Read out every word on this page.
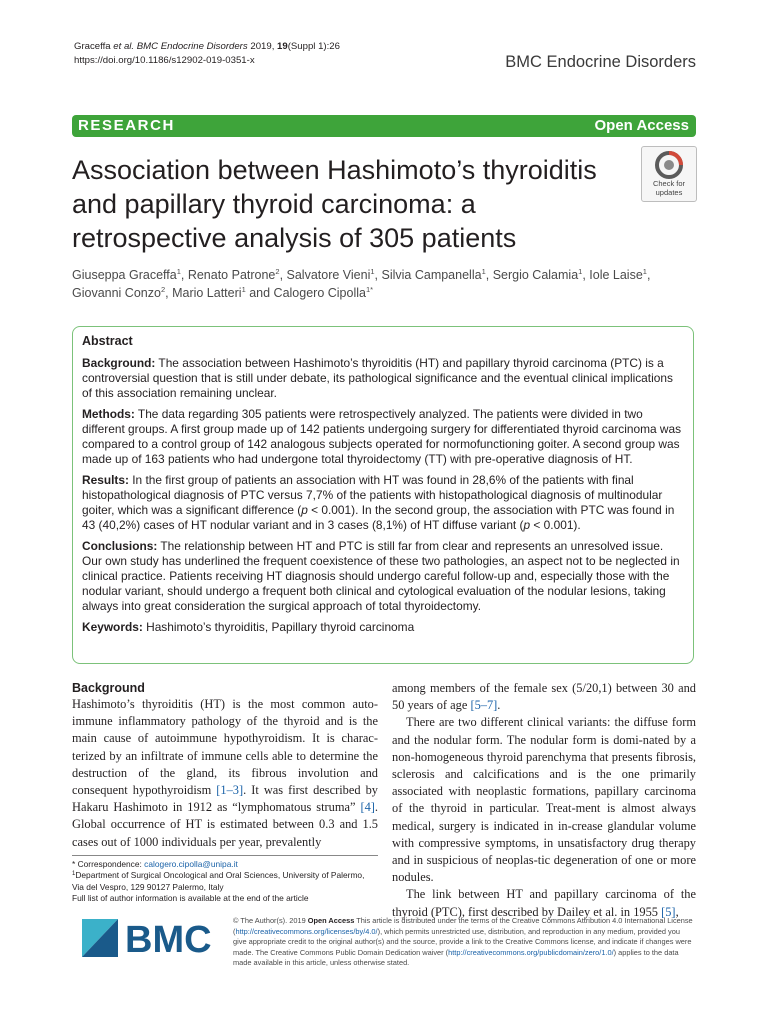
Graceffa et al. BMC Endocrine Disorders 2019, 19(Suppl 1):26
https://doi.org/10.1186/s12902-019-0351-x	BMC Endocrine Disorders
RESEARCH	Open Access
Association between Hashimoto’s thyroiditis and papillary thyroid carcinoma: a retrospective analysis of 305 patients
Check for
updates
Giuseppa Graceffa$^1$, Renato Patrone$^2$, Salvatore Vieni$^1$, Silvia Campanella$^1$, Sergio Calamia$^1$, Iole Laise$^1$,
Giovanni Conzo$^2$, Mario Latteri$^1$ and Calogero Cipolla$^{1*}$
Abstract

Background: The association between Hashimoto’s thyroiditis (HT) and papillary thyroid carcinoma (PTC) is a controversial question that is still under debate, its pathological significance and the eventual clinical implications of this association remaining unclear.

Methods: The data regarding 305 patients were retrospectively analyzed. The patients were divided in two different groups. A first group made up of 142 patients undergoing surgery for differentiated thyroid carcinoma was compared to a control group of 142 analogous subjects operated for normofunctioning goiter. A second group was made up of 163 patients who had undergone total thyroidectomy (TT) with pre-operative diagnosis of HT.

Results: In the first group of patients an association with HT was found in 28,6% of the patients with final histopathological diagnosis of PTC versus 7,7% of the patients with histopathological diagnosis of multinodular goiter, which was a significant difference (p < 0.001). In the second group, the association with PTC was found in 43 (40,2%) cases of HT nodular variant and in 3 cases (8,1%) of HT diffuse variant (p < 0.001).

Conclusions: The relationship between HT and PTC is still far from clear and represents an unresolved issue. Our own study has underlined the frequent coexistence of these two pathologies, an aspect not to be neglected in clinical practice. Patients receiving HT diagnosis should undergo careful follow-up and, especially those with the nodular variant, should undergo a frequent both clinical and cytological evaluation of the nodular lesions, taking always into great consideration the surgical approach of total thyroidectomy.

Keywords: Hashimoto’s thyroiditis, Papillary thyroid carcinoma

Background

Hashimoto’s thyroiditis (HT) is the most common auto-immune inflammatory pathology of the thyroid and is the main cause of autoimmune hypothyroidism. It is charac-terized by an infiltrate of immune cells able to determine the destruction of the gland, its fibrous involution and consequent hypothyroidism [1–3]. It was first described by Hakaru Hashimoto in 1912 as “lymphomatous struma” [4]. Global occurrence of HT is estimated between 0.3 and 1.5 cases out of 1000 individuals per year, prevalently

among members of the female sex (5/20,1) between 30 and 50 years of age [5–7].

There are two different clinical variants: the diffuse form and the nodular form. The nodular form is domi-nated by a non-homogeneous thyroid parenchyma that presents fibrosis, sclerosis and calcifications and is the one primarily associated with neoplastic formations, papillary carcinoma of the thyroid in particular. Treat-ment is almost always medical, surgery is indicated in in-crease glandular volume with compressive symptoms, in unsatisfactory drug therapy and in suspicious of neoplas-tic degeneration of one or more nodules.

The link between HT and papillary carcinoma of the thyroid (PTC), first described by Dailey et al. in 1955 [5],

* Correspondence: calogero.cipolla@unipa.it
$^1$Department of Surgical Oncological and Oral Sciences, University of Palermo, Via del Vespro, 129 90127 Palermo, Italy
Full list of author information is available at the end of the article
BMC	© The Author(s). 2019 Open Access This article is distributed under the terms of the Creative Commons Attribution 4.0 International License (http://creativecommons.org/licenses/by/4.0/), which permits unrestricted use, distribution, and reproduction in any medium, provided you give appropriate credit to the original author(s) and the source, provide a link to the Creative Commons license, and indicate if changes were made. The Creative Commons Public Domain Dedication waiver (http://creativecommons.org/publicdomain/zero/1.0/) applies to the data made available in this article, unless otherwise stated.
